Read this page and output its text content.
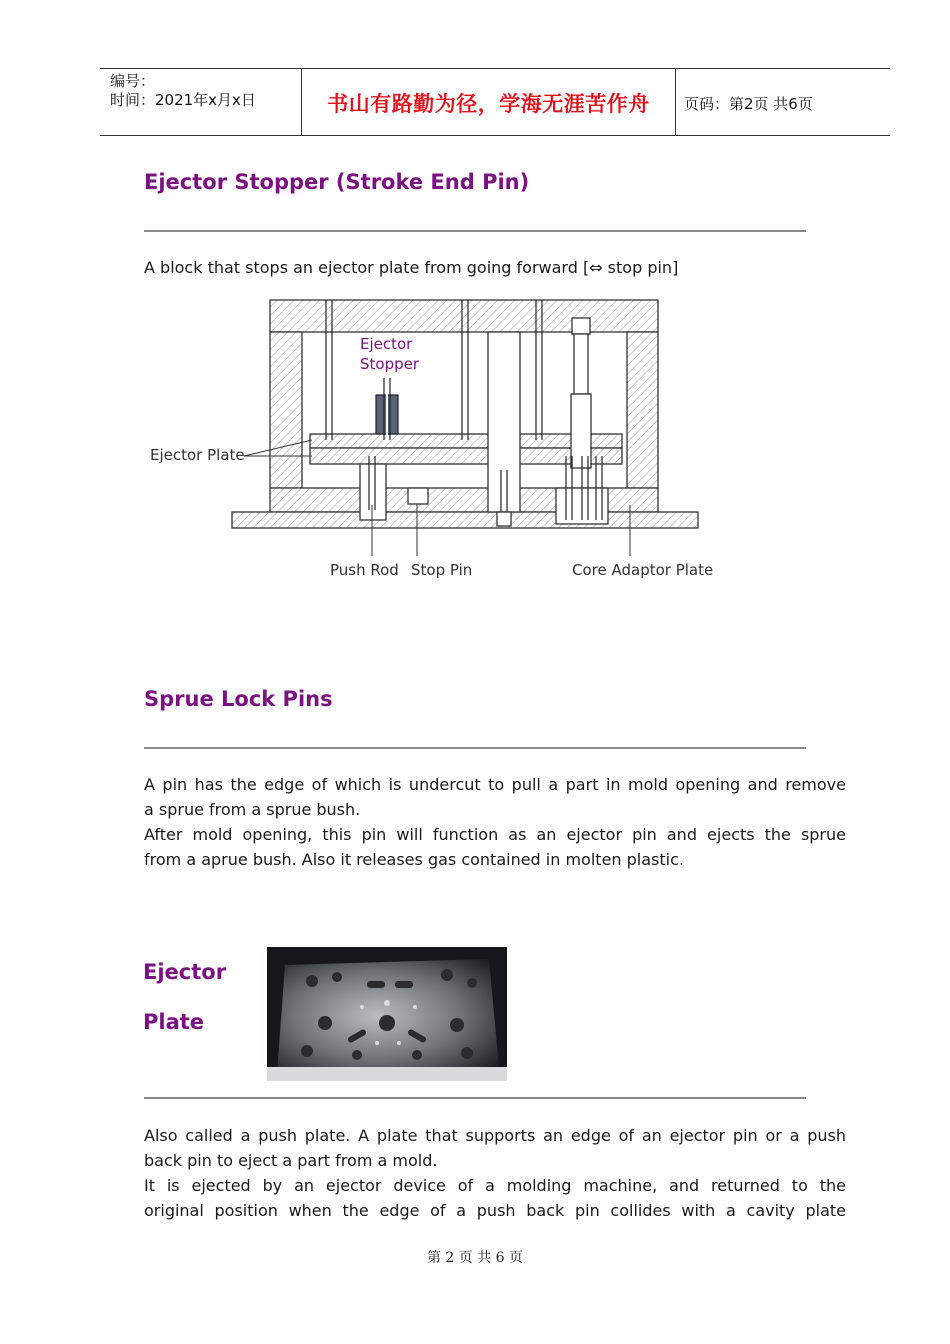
编号：
时间：2021年x月x日	书山有路勤为径，学海无涯苦作舟	页码：第2页 共6页
Ejector Stopper (Stroke End Pin)
A block that stops an ejector plate from going forward [⇔ stop pin]
Ejector
Stopper
Ejector Plate
Push Rod Stop Pin	Core Adaptor Plate
Sprue Lock Pins
A pin has the edge of which is undercut to pull a part in mold opening and remove
a sprue from a sprue bush.
After mold opening, this pin will function as an ejector pin and ejects the sprue
from a aprue bush. Also it releases gas contained in molten plastic.
Ejector
Plate
Also called a push plate. A plate that supports an edge of an ejector pin or a push
back pin to eject a part from a mold.
It is ejected by an ejector device of a molding machine, and returned to the
original position when the edge of a push back pin collides with a cavity plate
第 2 页 共 6 页
